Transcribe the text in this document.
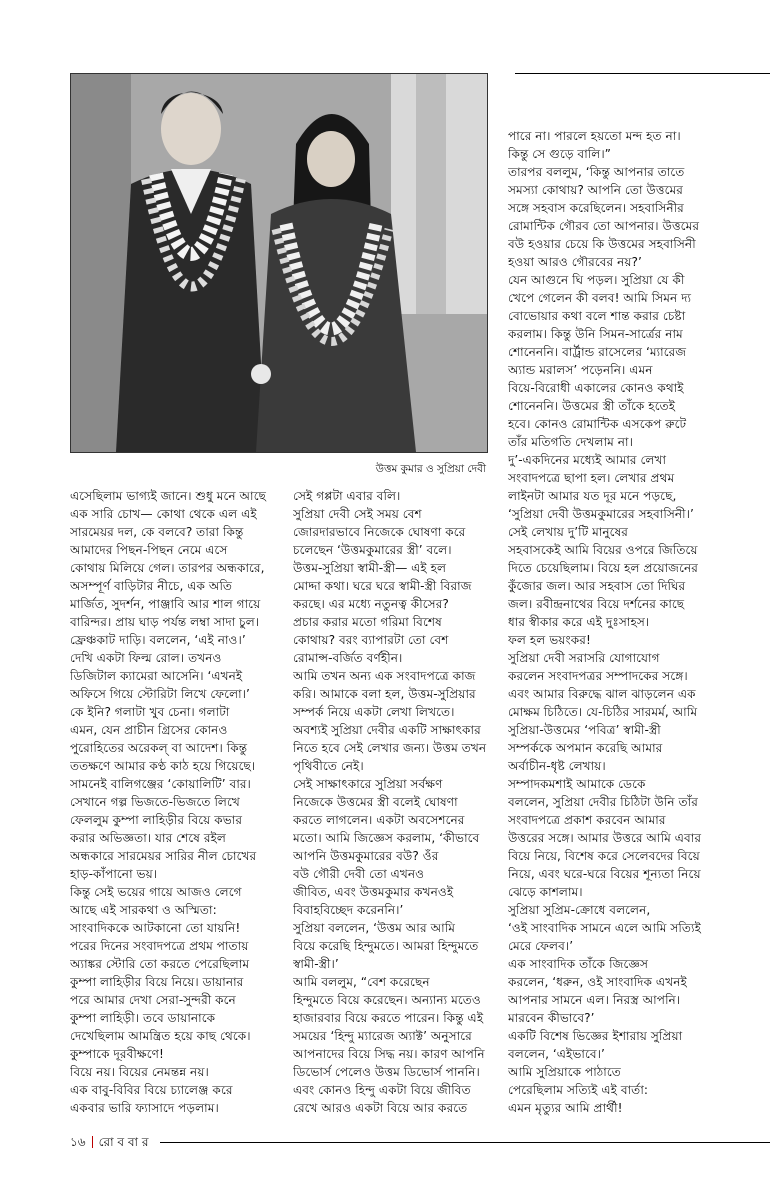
উত্তম কুমার ও সুপ্রিয়া দেবী

এসেছিলাম ভাগ্যই জানে। শুধু মনে আছে

এক সারি চোখ— কোথা থেকে এল এই

সারমেয়র দল, কে বলবে? তারা কিন্তু

আমাদের পিছন-পিছন নেমে এসে

কোথায় মিলিয়ে গেল। তারপর অন্ধকারে,

অসম্পূর্ণ বাড়িটার নীচে, এক অতি

মার্জিত, সুদর্শন, পাঞ্জাবি আর শাল গায়ে

বারিন্দর। প্রায় ঘাড় পর্যন্ত লম্বা সাদা চুল।

ফ্রেঞ্চকাট দাড়ি। বললেন, ‘এই নাও।’

দেখি একটা ফিল্ম রোল। তখনও

ডিজিটাল ক্যামেরা আসেনি। ‘এখনই

অফিসে গিয়ে স্টোরিটা লিখে ফেলো।’

কে ইনি? গলাটা খুব চেনা। গলাটা

এমন, যেন প্রাচীন গ্রিসের কোনও

পুরোহিতের অরেকল্‌ বা আদেশ। কিন্তু

ততক্ষণে আমার কণ্ঠ কাঠ হয়ে গিয়েছে।

সামনেই বালিগঞ্জের ‘কোয়ালিটি’ বার।

সেখানে গল্প ভিজতে-ভিজতে লিখে

ফেললুম কুম্পা লাহিড়ীর বিয়ে কভার

করার অভিজ্ঞতা। যার শেষে রইল

অন্ধকারে সারমেয়র সারির নীল চোখের

হাড়-কাঁপানো ভয়।

কিন্তু সেই ভয়ের গায়ে আজও লেগে

আছে এই সারকথা ও অস্মিতা:

সাংবাদিককে আটকানো তো যায়নি!

পরের দিনের সংবাদপত্রে প্রথম পাতায়

অ্যাঙ্কর স্টোরি তো করতে পেরেছিলাম

কুম্পা লাহিড়ীর বিয়ে নিয়ে। ডায়ানার

পরে আমার দেখা সেরা-সুন্দরী কনে

কুম্পা লাহিড়ী। তবে ডায়ানাকে

দেখেছিলাম আমন্ত্রিত হয়ে কাছ থেকে।

কুম্পাকে দূরবীক্ষণে!

বিয়ে নয়। বিয়ের নেমন্তন্ন নয়।

এক বাবু-বিবির বিয়ে চ্যালেঞ্জ করে

একবার ভারি ফ্যাসাদে পড়লাম।

সেই গপ্পটা এবার বলি।

সুপ্রিয়া দেবী সেই সময় বেশ

জোরদারভাবে নিজেকে ঘোষণা করে

চলেছেন ‘উত্তমকুমারের স্ত্রী’ বলে।

উত্তম-সুপ্রিয়া স্বামী-স্ত্রী— এই হল

মোদ্দা কথা। ঘরে ঘরে স্বামী-স্ত্রী বিরাজ

করছে। এর মধ্যে নতুনত্ব কীসের?

প্রচার করার মতো গরিমা বিশেষ

কোথায়? বরং ব্যাপারটা তো বেশ

রোমান্স-বর্জিত বর্ণহীন।

আমি তখন অন্য এক সংবাদপত্রে কাজ

করি। আমাকে বলা হল, উত্তম-সুপ্রিয়ার

সম্পর্ক নিয়ে একটা লেখা লিখতে।

অবশ্যই সুপ্রিয়া দেবীর একটি সাক্ষাৎকার

নিতে হবে সেই লেখার জন্য। উত্তম তখন

পৃথিবীতে নেই।

সেই সাক্ষাৎকারে সুপ্রিয়া সর্বক্ষণ

নিজেকে উত্তমের স্ত্রী বলেই ঘোষণা

করতে লাগলেন। একটা অবসেশনের

মতো। আমি জিজ্ঞেস করলাম, ‘কীভাবে

আপনি উত্তমকুমারের বউ? ওঁর

বউ গৌরী দেবী তো এখনও

জীবিত, এবং উত্তমকুমার কখনওই

বিবাহবিচ্ছেদ করেননি।’

সুপ্রিয়া বললেন, ‘উত্তম আর আমি

বিয়ে করেছি হিন্দুমতে। আমরা হিন্দুমতে

স্বামী-স্ত্রী।’

আমি বললুম, “বেশ করেছেন

হিন্দুমতে বিয়ে করেছেন। অন্যান্য মতেও

হাজারবার বিয়ে করতে পারেন। কিন্তু এই

সময়ের ‘হিন্দু ম্যারেজ অ্যাক্ট’ অনুসারে

আপনাদের বিয়ে সিদ্ধ নয়। কারণ আপনি

ডিভোর্স পেলেও উত্তম ডিভোর্স পাননি।

এবং কোনও হিন্দু একটা বিয়ে জীবিত

রেখে আরও একটা বিয়ে আর করতে

পারে না। পারলে হয়তো মন্দ হত না।

কিন্তু সে গুড়ে বালি।”

তারপর বললুম, ‘কিন্তু আপনার তাতে

সমস্যা কোথায়? আপনি তো উত্তমের

সঙ্গে সহবাস করেছিলেন। সহবাসিনীর

রোমান্টিক গৌরব তো আপনার। উত্তমের

বউ হওয়ার চেয়ে কি উত্তমের সহবাসিনী

হওয়া আরও গৌরবের নয়?’

যেন আগুনে ঘি পড়ল। সুপ্রিয়া যে কী

খেপে গেলেন কী বলব! আমি সিমন দ্য

বোভোয়ার কথা বলে শান্ত করার চেষ্টা

করলাম। কিন্তু উনি সিমন-সার্ত্রের নাম

শোনেননি। বার্ট্রান্ড রাসেলের ‘ম্যারেজ

অ্যান্ড মরালস’ পড়েননি। এমন

বিয়ে-বিরোধী একালের কোনও কথাই

শোনেননি। উত্তমের স্ত্রী তাঁকে হতেই

হবে। কোনও রোমান্টিক এসকেপ রুটে

তাঁর মতিগতি দেখলাম না।

দু’-একদিনের মধ্যেই আমার লেখা

সংবাদপত্রে ছাপা হল। লেখার প্রথম

লাইনটা আমার যত দূর মনে পড়ছে,

‘সুপ্রিয়া দেবী উত্তমকুমারের সহবাসিনী।’

সেই লেখায় দু’টি মানুষের

সহবাসকেই আমি বিয়ের ওপরে জিতিয়ে

দিতে চেয়েছিলাম। বিয়ে হল প্রয়োজনের

কুঁজোর জল। আর সহবাস তো দিঘির

জল। রবীন্দ্রনাথের বিয়ে দর্শনের কাছে

ধার স্বীকার করে এই দুঃসাহস।

ফল হল ভয়ংকর!

সুপ্রিয়া দেবী সরাসরি যোগাযোগ

করলেন সংবাদপত্রর সম্পাদকের সঙ্গে।

এবং আমার বিরুদ্ধে ঝাল ঝাড়লেন এক

মোক্ষম চিঠিতে। যে-চিঠির সারমর্ম, আমি

সুপ্রিয়া-উত্তমের ‘পবিত্র’ স্বামী-স্ত্রী

সম্পর্ককে অপমান করেছি আমার

অর্বাচীন-ধৃষ্ট লেখায়।

সম্পাদকমশাই আমাকে ডেকে

বললেন, সুপ্রিয়া দেবীর চিঠিটা উনি তাঁর

সংবাদপত্রে প্রকাশ করবেন আমার

উত্তরের সঙ্গে। আমার উত্তরে আমি এবার

বিয়ে নিয়ে, বিশেষ করে সেলেবদের বিয়ে

নিয়ে, এবং ঘরে-ঘরে বিয়ের শূন্যতা নিয়ে

ঝেড়ে কাশলাম।

সুপ্রিয়া সুপ্রিম-ক্রোধে বললেন,

‘ওই সাংবাদিক সামনে এলে আমি সত্যিই

মেরে ফেলব।’

এক সাংবাদিক তাঁকে জিজ্ঞেস

করলেন, ‘ধরুন, ওই সাংবাদিক এখনই

আপনার সামনে এল। নিরস্ত্র আপনি।

মারবেন কীভাবে?’

একটি বিশেষ ভিজ্ঞের ইশারায় সুপ্রিয়া

বললেন, ‘এইভাবে।’

আমি সুপ্রিয়াকে পাঠাতে

পেরেছিলাম সত্যিই এই বার্তা:

এমন মৃত্যুর আমি প্রার্থী!

১৬ রো ব বা র
